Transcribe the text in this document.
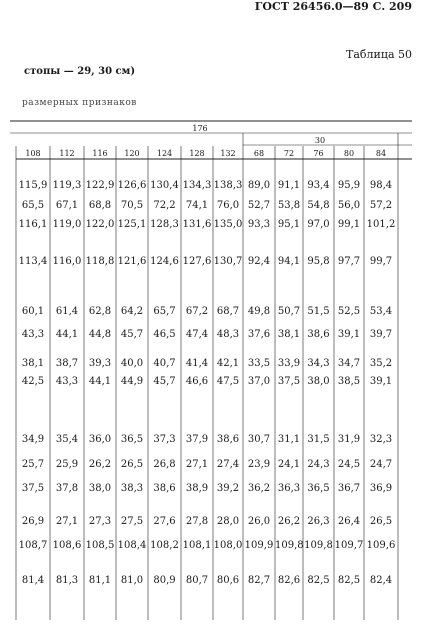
ГОСТ 26456.0—89 С. 209
Таблица 50
стопы — 29, 30 см)
размерных признаков
176
30
108	112	116	120	124	128	132	68	72	76	80	84
115,9 119,3 122,9 126,6 130,4 134,3 138,3 89,0 91,1 93,4 95,9 98,4
65,5	67,1	68,8 70,5	72,2	74,1 76,0 52,7 53,8 54,8 56,0 57,2
116,1 119,0 122,0 125,1 128,3 131,6 135,0 93,3 95,1 97,0 99,1 101,2
113,4 116,0 118,8 121,6 124,6 127,6 130,7 92,4 94,1 95,8 97,7 99,7
60,1	61,4	62,8 64,2	65,7	67,2 68,7 49,8 50,7 51,5 52,5 53,4
43,3	44,1	44,8 45,7	46,5	47,4 48,3 37,6 38,1 38,6 39,1 39,7
38,1	38,7	39,3 40,0	40,7	41,4 42,1 33,5 33,9 34,3 34,7 35,2
42,5	43,3	44,1 44,9	45,7	46,6 47,5 37,0 37,5 38,0 38,5 39,1
34,9	35,4	36,0 36,5	37,3	37,9 38,6 30,7 31,1 31,5 31,9 32,3
25,7	25,9	26,2 26,5	26,8	27,1 27,4 23,9 24,1 24,3 24,5 24,7
37,5	37,8	38,0 38,3	38,6	38,9 39,2 36,2 36,3 36,5 36,7 36,9
26,9	27,1	27,3 27,5	27,6	27,8 28,0 26,0 26,2 26,3 26,4 26,5
108,7 108,6 108,5 108,4 108,2 108,1 108,0 109,9 109,8 109,8 109,7 109,6
81,4	81,3	81,1 81,0	80,9	80,7 80,6 82,7 82,6 82,5 82,5 82,4
